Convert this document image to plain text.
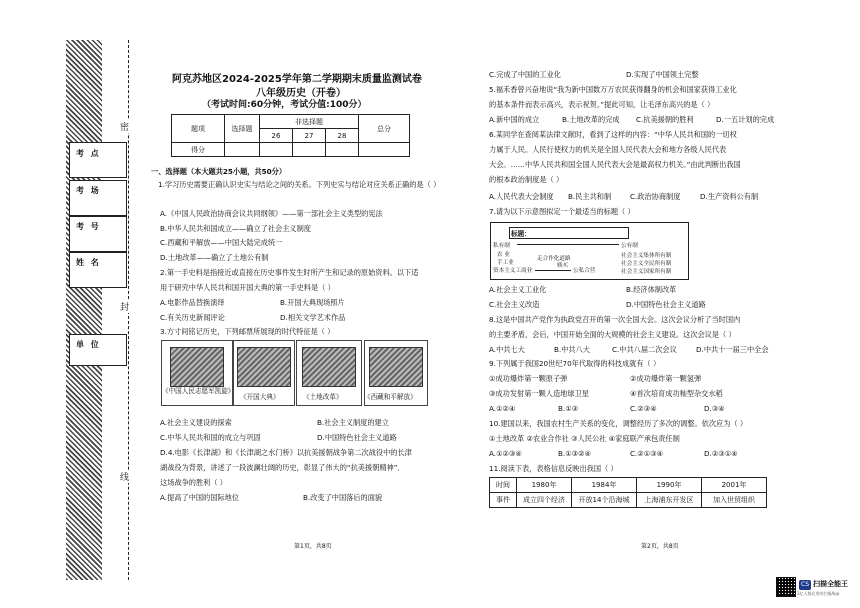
考 点
考 场
考 号
姓 名
单 位
密
封
线
阿克苏地区2024-2025学年第二学期期末质量监测试卷
八年级历史（开卷）
（考试时间:60分钟，考试分值:100分）
题项	选择题	非选择题			总分
		26	27	28	
得分					
一、选择题（本大题共25小题，共50分）
1.学习历史需要正确认识史实与结论之间的关系。下列史实与结论对应关系正确的是（ ）
A.《中国人民政治协商会议共同纲领》——第一部社会主义类型的宪法
B.中华人民共和国成立——确立了社会主义制度
C.西藏和平解放——中国大陆完成统一
D.土地改革——确立了土地公有制
2.第一手史料是指接近或直接在历史事件发生时所产生和记录的原始资料。以下适
用于研究中华人民共和国开国大典的第一手史料是（ ）
A.电影作品替换演绎	B.开国大典现场照片
C.有关历史新闻评论	D.相关文学艺术作品
3.方寸间铭记历史，下列邮票所展现的时代特征是（ ）
《中国人民志愿军凯旋》
《开国大典》	《土地改革》	《西藏和平解放》
A.社会主义建设的探索	B.社会主义制度的建立
C.中华人民共和国的成立与巩固	D.中国特色社会主义道路
D.4.电影《长津湖》和《长津湖之水门桥》以抗美援朝战争第二次战役中的长津
湖战役为背景，讲述了一段波澜壮阔的历史，彰显了伟大的“抗美援朝精神”．
这场战争的胜利（ ）
A.提高了中国的国际地位	B.改变了中国落后的面貌
第1页，共8页
C.完成了中国的工业化	D.实现了中国领土完整
5.福禾香曾兴奋地说“我为新中国数万万农民获得翻身的机会和国家获得工业化
的基本条件而表示高兴，表示祝贺。”提此可知，让毛泽东高兴的是（ ）
A.新中国的成立	B.土地改革的完成 C.抗美援朝的胜利	D.一五计划的完成
6.某同学在查阅某法律文献时，看到了这样的内容：“中华人民共和国的一切权
力属于人民。人民行使权力的机关是全国人民代表大会和地方各级人民代表
大会。……中华人民共和国全国人民代表大会是最高权力机关。”由此判断出我国
的根本政治制度是（ ）
A.人民代表大会制度 B.民主共和制	C.政治协商制度	D.生产资料公有制
7.请为以下示意图拟定一个最适当的标题（ ）
标题：
私有制	公有制
农 业
手工业
资本主义工商业
走合作化道路
赎买
公私合营
社会主义集体所有制
社会主义全民所有制
社会主义国家所有制
A.社会主义工业化	B.经济体制改革
C.社会主义改造	D.中国特色社会主义道路
8.这是中国共产党作为执政党召开的第一次全国大会。这次会议分析了当时国内
的主要矛盾，会后，中国开始全面的大规模的社会主义建设。这次会议是（ ）
A.中共七大	B.中共八大	C.中共八届二次会议	D.中共十一届三中全会
9.下列属于我国20世纪70年代取得的科技成就有（ ）
①成功爆炸第一颗原子弹	②成功爆炸第一颗氢弹
③成功发射第一颗人造地球卫星	④首次培育成功籼型杂交水稻
A.①②④	B.①③	C.②③④	D.③④
10.建国以来，我国农村生产关系的变化，调整经历了多次的调整。依次应为（ ）
①土地改革 ②农业合作社 ③人民公社 ④家庭联产承包责任制
A.①②③④	B.①③②④	C.②①③④	D.②③①④
11.阅读下表，表格信息反映出我国（ ）
时间	1980年	1984年	1990年	2001年
事件	成立四个经济	开放14个沿海城	上海浦东开发区	加入世贸组织
第2页，共8页
CS 扫描全能王
3亿人都在用的扫描App
